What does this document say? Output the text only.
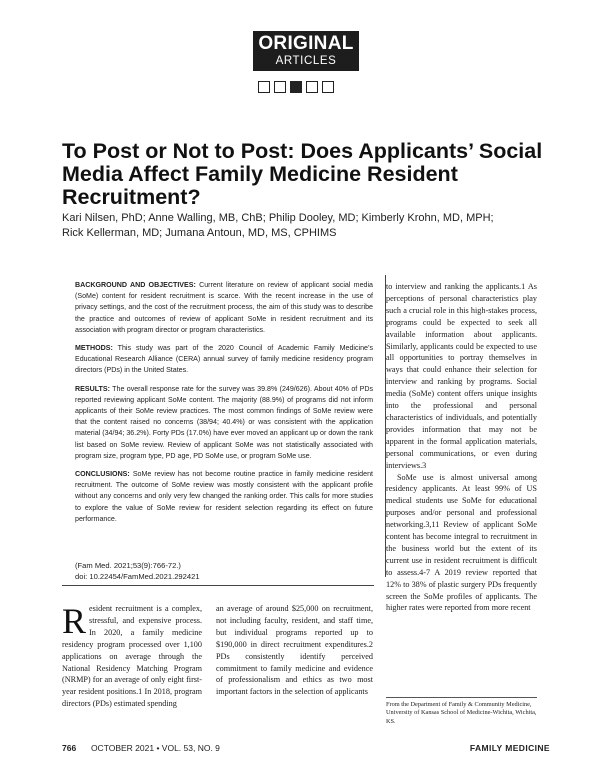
ORIGINAL
ARTICLES
To Post or Not to Post: Does Applicants’ Social Media Affect Family Medicine Resident Recruitment?
Kari Nilsen, PhD; Anne Walling, MB, ChB; Philip Dooley, MD; Kimberly Krohn, MD, MPH;
Rick Kellerman, MD; Jumana Antoun, MD, MS, CPHIMS

BACKGROUND AND OBJECTIVES: Current literature on review of applicant social media (SoMe) content for resident recruitment is scarce. With the recent increase in the use of privacy settings, and the cost of the recruitment process, the aim of this study was to describe the practice and outcomes of review of applicant SoMe in resident recruitment and its association with program director or program characteristics.

METHODS: This study was part of the 2020 Council of Academic Family Medicine’s Educational Research Alliance (CERA) annual survey of family medicine residency program directors (PDs) in the United States.

RESULTS: The overall response rate for the survey was 39.8% (249/626). About 40% of PDs reported reviewing applicant SoMe content. The majority (88.9%) of programs did not inform applicants of their SoMe review practices. The most common findings of SoMe review were that the content raised no concerns (38/94; 40.4%) or was consistent with the application material (34/94; 36.2%). Forty PDs (17.0%) have ever moved an applicant up or down the rank list based on SoMe review. Review of applicant SoMe was not statistically associated with program size, program type, PD age, PD SoMe use, or program SoMe use.

CONCLUSIONS: SoMe review has not become routine practice in family medicine resident recruitment. The outcome of SoMe review was mostly consistent with the applicant profile without any concerns and only very few changed the ranking order. This calls for more studies to explore the value of SoMe review for resident selection regarding its effect on future performance.

(Fam Med. 2021;53(9):766-72.)
doi: 10.22454/FamMed.2021.292421
Resident recruitment is a complex, stressful, and expensive process. In 2020, a family medicine residency program processed over 1,100 applications on average through the National Residency Matching Program (NRMP) for an average of only eight first-year resident positions.1 In 2018, program directors (PDs) estimated spending

an average of around $25,000 on recruitment, not including faculty, resident, and staff time, but individual programs reported up to $190,000 in direct recruitment expenditures.2 PDs consistently identify perceived commitment to family medicine and evidence of professionalism and ethics as two most important factors in the selection of applicants

to interview and ranking the applicants.1 As perceptions of personal characteristics play such a crucial role in this high-stakes process, programs could be expected to seek all available information about applicants. Similarly, applicants could be expected to use all opportunities to portray themselves in ways that could enhance their selection for interview and ranking by programs. Social media (SoMe) content offers unique insights into the professional and personal characteristics of individuals, and potentially provides information that may not be apparent in the formal application materials, personal communications, or even during interviews.3

SoMe use is almost universal among residency applicants. At least 99% of US medical students use SoMe for educational purposes and/or personal and professional networking.3,11 Review of applicant SoMe content has become integral to recruitment in the business world but the extent of its current use in resident recruitment is difficult to assess.4-7 A 2019 review reported that 12% to 38% of plastic surgery PDs frequently screen the SoMe profiles of applicants. The higher rates were reported from more recent

From the Department of Family & Community Medicine, University of Kansas School of Medicine-Wichita, Wichita, KS.
766 OCTOBER 2021 • VOL. 53, NO. 9	FAMILY MEDICINE
